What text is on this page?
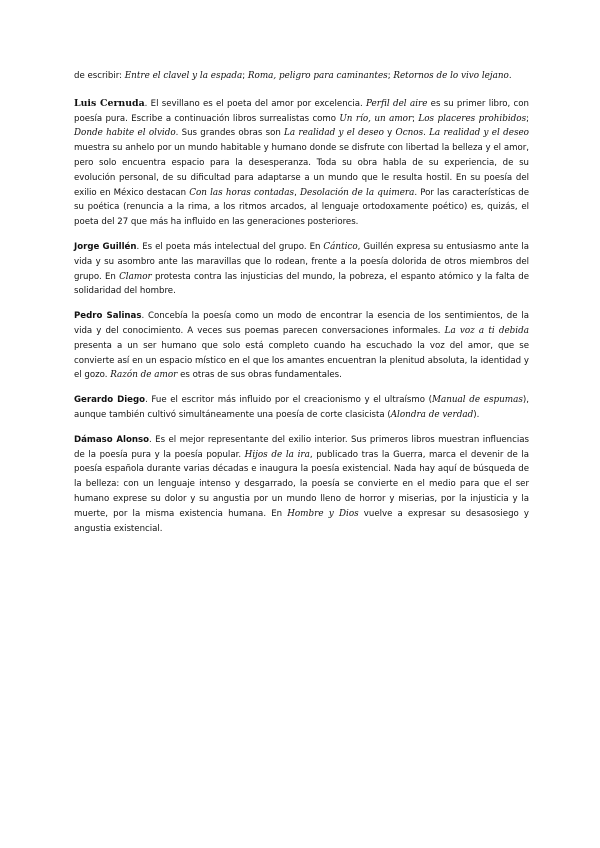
de escribir: Entre el clavel y la espada; Roma, peligro para caminantes; Retornos de lo vivo lejano.

Luis Cernuda. El sevillano es el poeta del amor por excelencia. Perfil del aire es su primer libro, con poesía pura. Escribe a continuación libros surrealistas como Un río, un amor; Los placeres prohibidos; Donde habite el olvido. Sus grandes obras son La realidad y el deseo y Ocnos. La realidad y el deseo muestra su anhelo por un mundo habitable y humano donde se disfrute con libertad la belleza y el amor, pero solo encuentra espacio para la desesperanza. Toda su obra habla de su experiencia, de su evolución personal, de su dificultad para adaptarse a un mundo que le resulta hostil. En su poesía del exilio en México destacan Con las horas contadas, Desolación de la quimera. Por las características de su poética (renuncia a la rima, a los ritmos arcados, al lenguaje ortodoxamente poético) es, quizás, el poeta del 27 que más ha influido en las generaciones posteriores.

Jorge Guillén. Es el poeta más intelectual del grupo. En Cántico, Guillén expresa su entusiasmo ante la vida y su asombro ante las maravillas que lo rodean, frente a la poesía dolorida de otros miembros del grupo. En Clamor protesta contra las injusticias del mundo, la pobreza, el espanto atómico y la falta de solidaridad del hombre.

Pedro Salinas. Concebía la poesía como un modo de encontrar la esencia de los sentimientos, de la vida y del conocimiento. A veces sus poemas parecen conversaciones informales. La voz a ti debida presenta a un ser humano que solo está completo cuando ha escuchado la voz del amor, que se convierte así en un espacio místico en el que los amantes encuentran la plenitud absoluta, la identidad y el gozo. Razón de amor es otras de sus obras fundamentales.

Gerardo Diego. Fue el escritor más influido por el creacionismo y el ultraísmo (Manual de espumas), aunque también cultivó simultáneamente una poesía de corte clasicista (Alondra de verdad).

Dámaso Alonso. Es el mejor representante del exilio interior. Sus primeros libros muestran influencias de la poesía pura y la poesía popular. Hijos de la ira, publicado tras la Guerra, marca el devenir de la poesía española durante varias décadas e inaugura la poesía existencial. Nada hay aquí de búsqueda de la belleza: con un lenguaje intenso y desgarrado, la poesía se convierte en el medio para que el ser humano exprese su dolor y su angustia por un mundo lleno de horror y miserias, por la injusticia y la muerte, por la misma existencia humana. En Hombre y Dios vuelve a expresar su desasosiego y angustia existencial.
